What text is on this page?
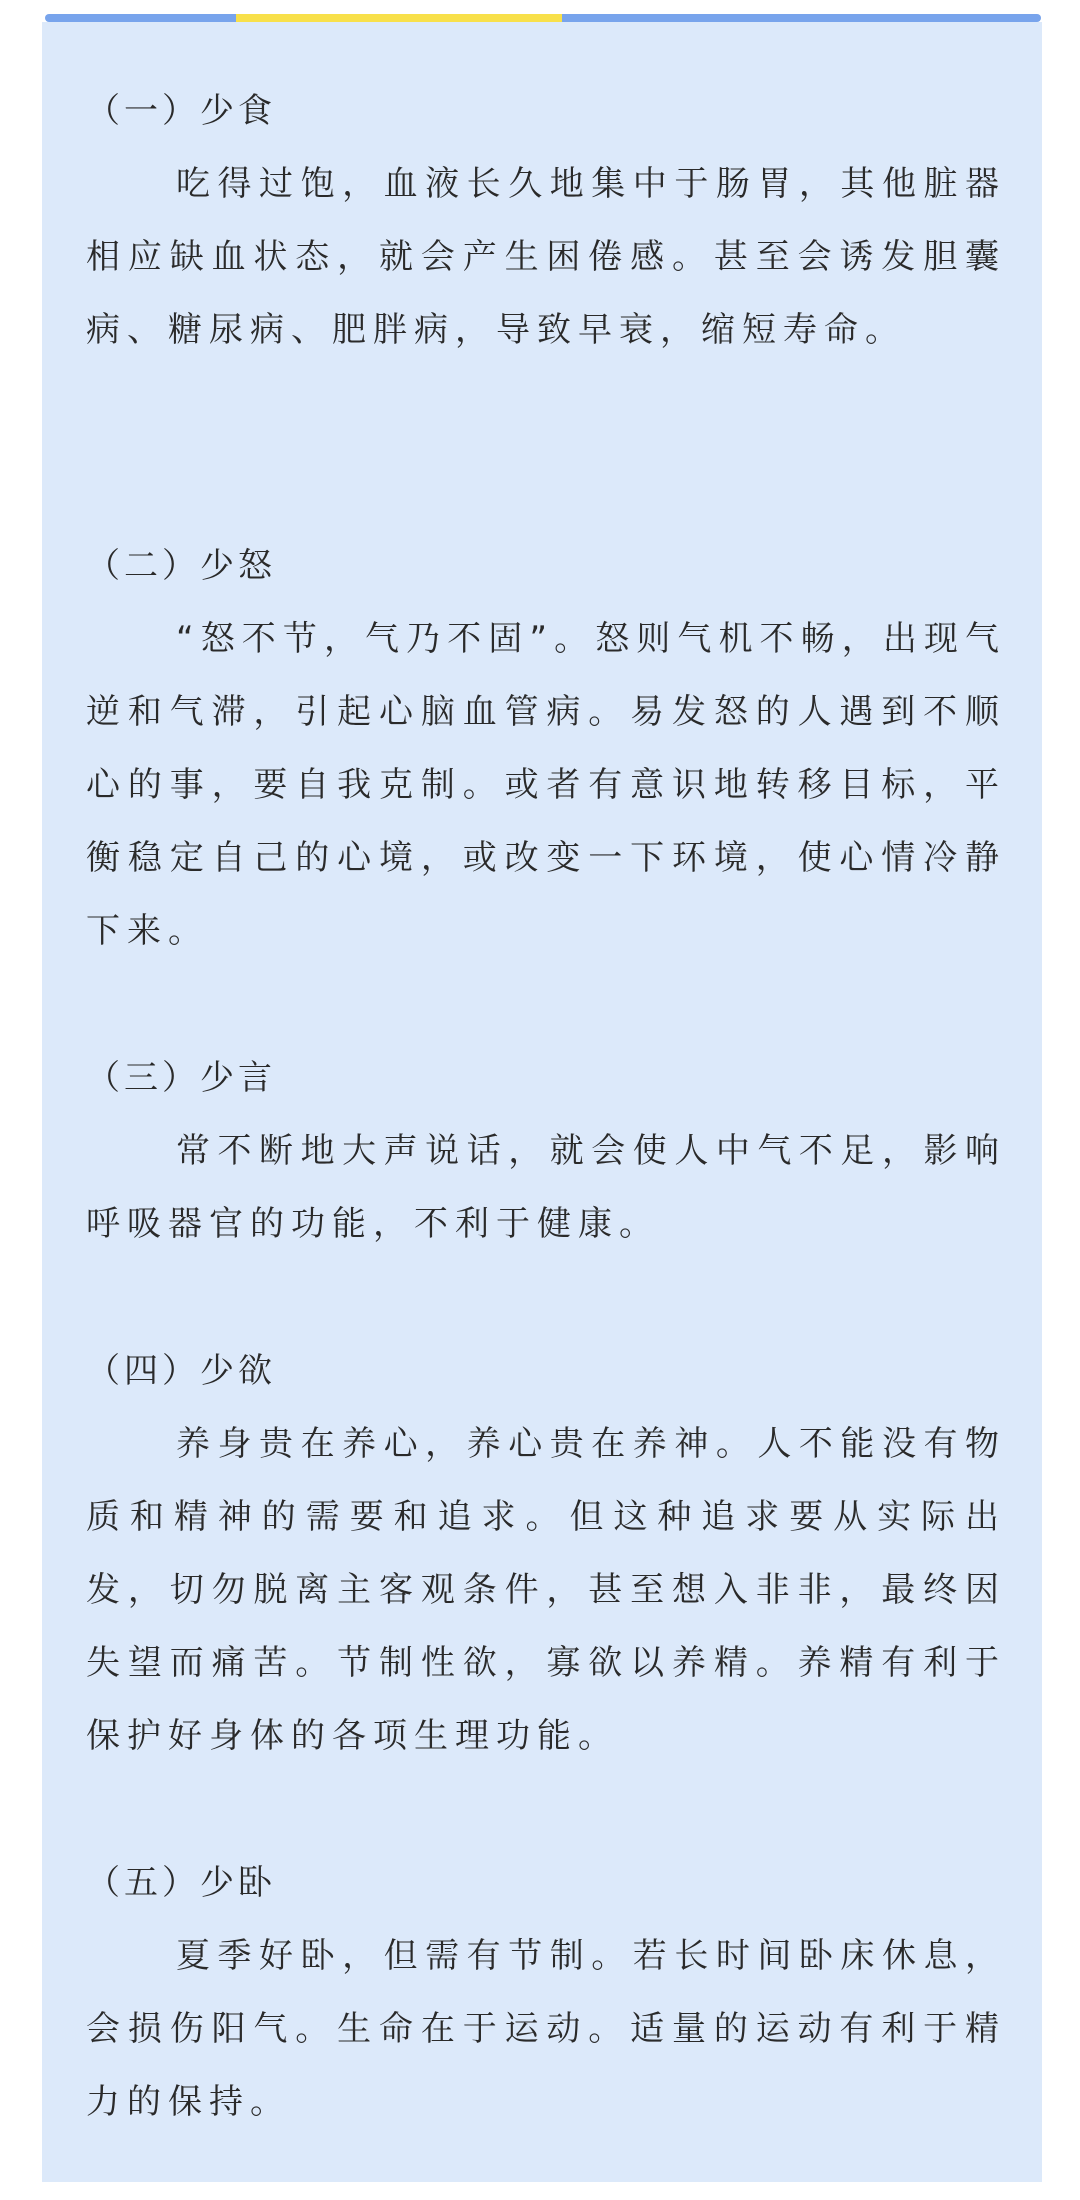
（一）少食

吃得过饱，血液长久地集中于肠胃，其他脏器相应缺血状态，就会产生困倦感。甚至会诱发胆囊病、糖尿病、肥胖病，导致早衰，缩短寿命。

（二）少怒

“怒不节，气乃不固”。怒则气机不畅，出现气逆和气滞，引起心脑血管病。易发怒的人遇到不顺心的事，要自我克制。或者有意识地转移目标，平衡稳定自己的心境，或改变一下环境，使心情冷静下来。

（三）少言

常不断地大声说话，就会使人中气不足，影响呼吸器官的功能，不利于健康。

（四）少欲

养身贵在养心，养心贵在养神。人不能没有物质和精神的需要和追求。但这种追求要从实际出发，切勿脱离主客观条件，甚至想入非非，最终因失望而痛苦。节制性欲，寡欲以养精。养精有利于保护好身体的各项生理功能。

（五）少卧

夏季好卧，但需有节制。若长时间卧床休息，会损伤阳气。生命在于运动。适量的运动有利于精力的保持。
